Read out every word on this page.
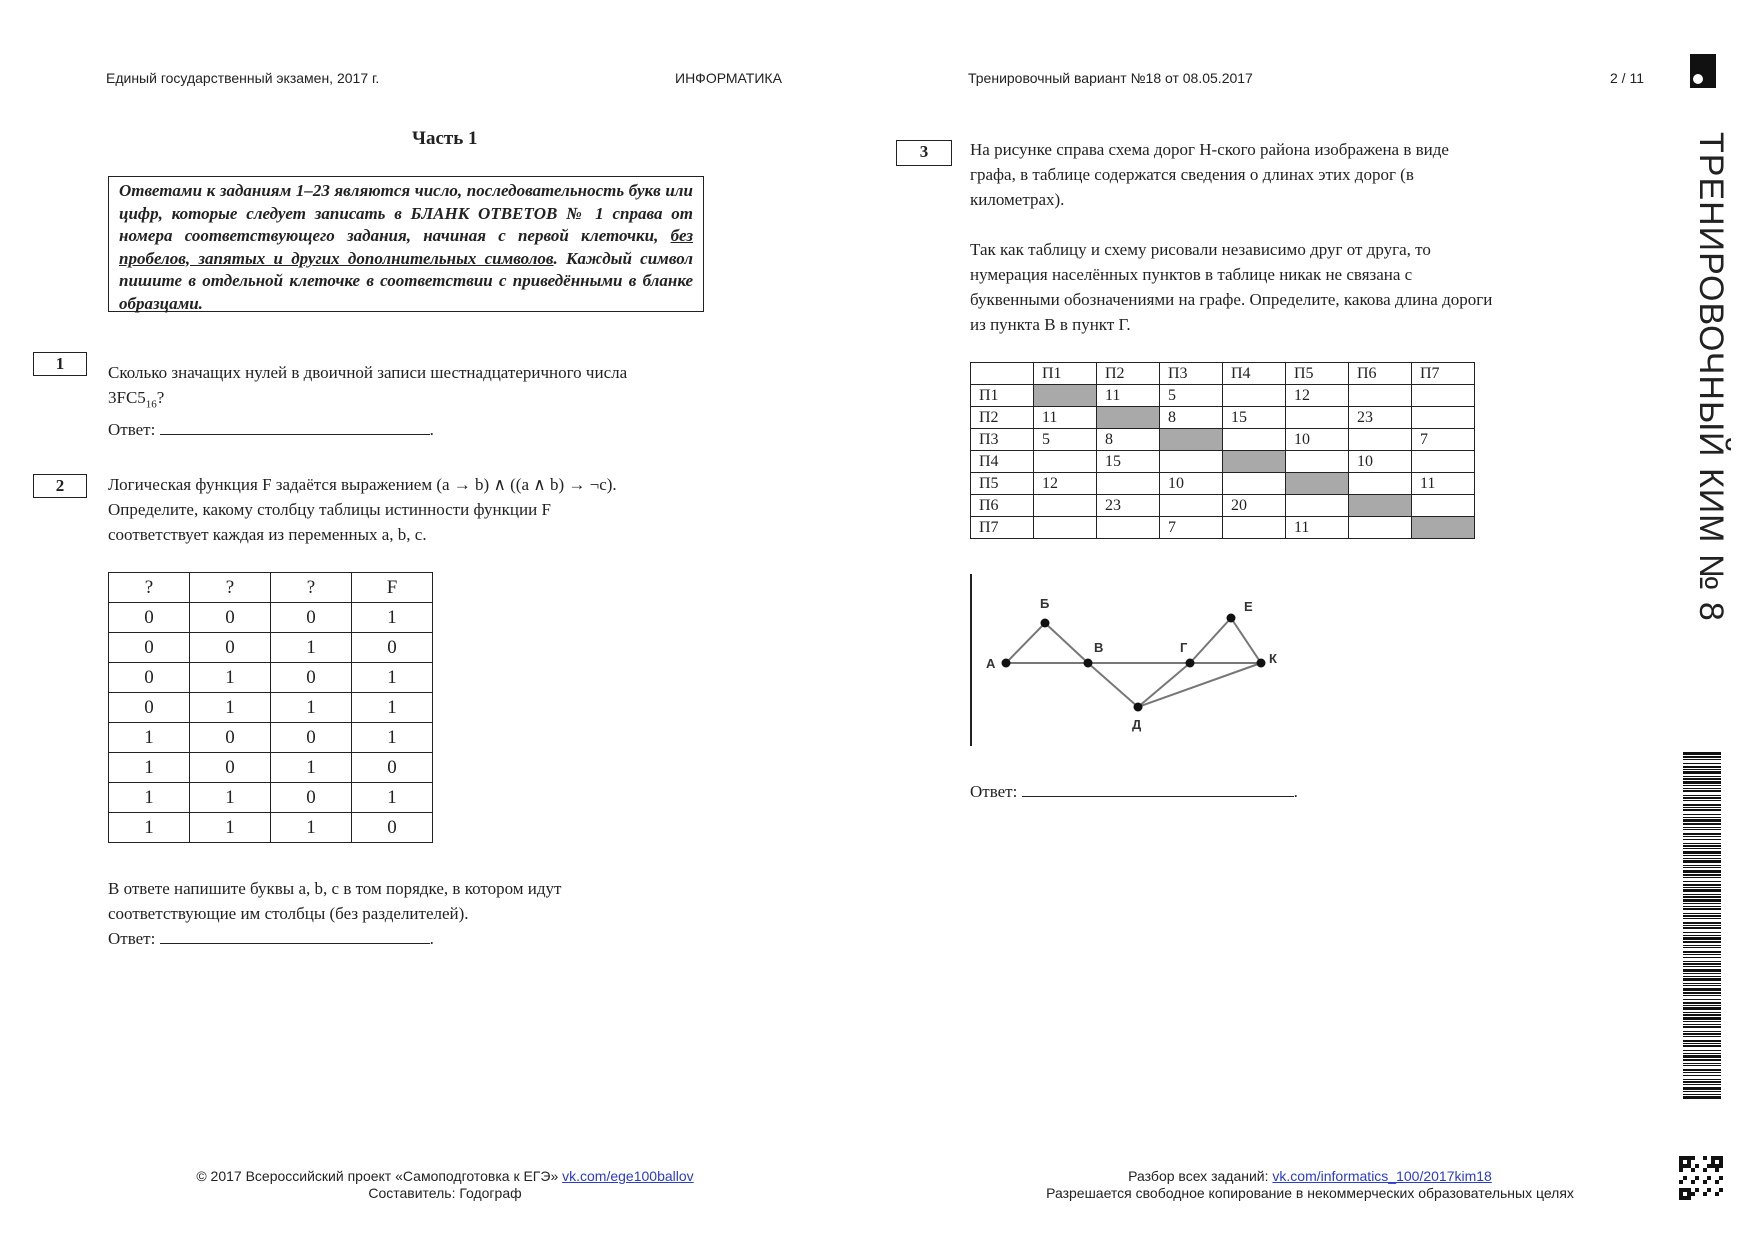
Единый государственный экзамен, 2017 г.	ИНФОРМАТИКА	Тренировочный вариант №18 от 08.05.2017	2 / 11
Часть 1
Ответами к заданиям 1–23 являются число, последовательность букв или цифр, которые следует записать в БЛАНК ОТВЕТОВ № 1 справа от номера соответствующего задания, начиная с первой клеточки, без пробелов, запятых и других дополнительных символов. Каждый символ пишите в отдельной клеточке в соответствии с приведёнными в бланке образцами.
1	Сколько значащих нулей в двоичной записи шестнадцатеричного числа
$3FC5_{16}$?
Ответ:	.
2	Логическая функция F задаётся выражением (a → b) ∧ ((a ∧ b) → ¬c).
Определите, какому столбцу таблицы истинности функции F
соответствует каждая из переменных a, b, c.
?	?	?	F
0	0	0	1
0	0	1	0
0	1	0	1
0	1	1	1
1	0	0	1
1	0	1	0
1	1	0	1
1	1	1	0
В ответе напишите буквы a, b, c в том порядке, в котором идут
соответствующие им столбцы (без разделителей).
Ответ:	.
3	На рисунке справа схема дорог Н-ского района изображена в виде
графа, в таблице содержатся сведения о длинах этих дорог (в
километрах).
Так как таблицу и схему рисовали независимо друг от друга, то
нумерация населённых пунктов в таблице никак не связана с
буквенными обозначениями на графе. Определите, какова длина дороги
из пункта В в пункт Г.
	П1	П2	П3	П4	П5	П6	П7
П1		11	5		12		
П2	11		8	15		23	
П3	5	8			10		7
П4		15				10	
П5	12		10				11
П6		23		20			
П7			7		11		
А
Б
В
Д
Г
Е
К
Ответ:	.
ТРЕНИРОВОЧНЫЙ КИМ № 8
© 2017 Всероссийский проект «Самоподготовка к ЕГЭ» vk.com/ege100ballov
Составитель: Годограф
Разбор всех заданий: vk.com/informatics_100/2017kim18
Разрешается свободное копирование в некоммерческих образовательных целях
